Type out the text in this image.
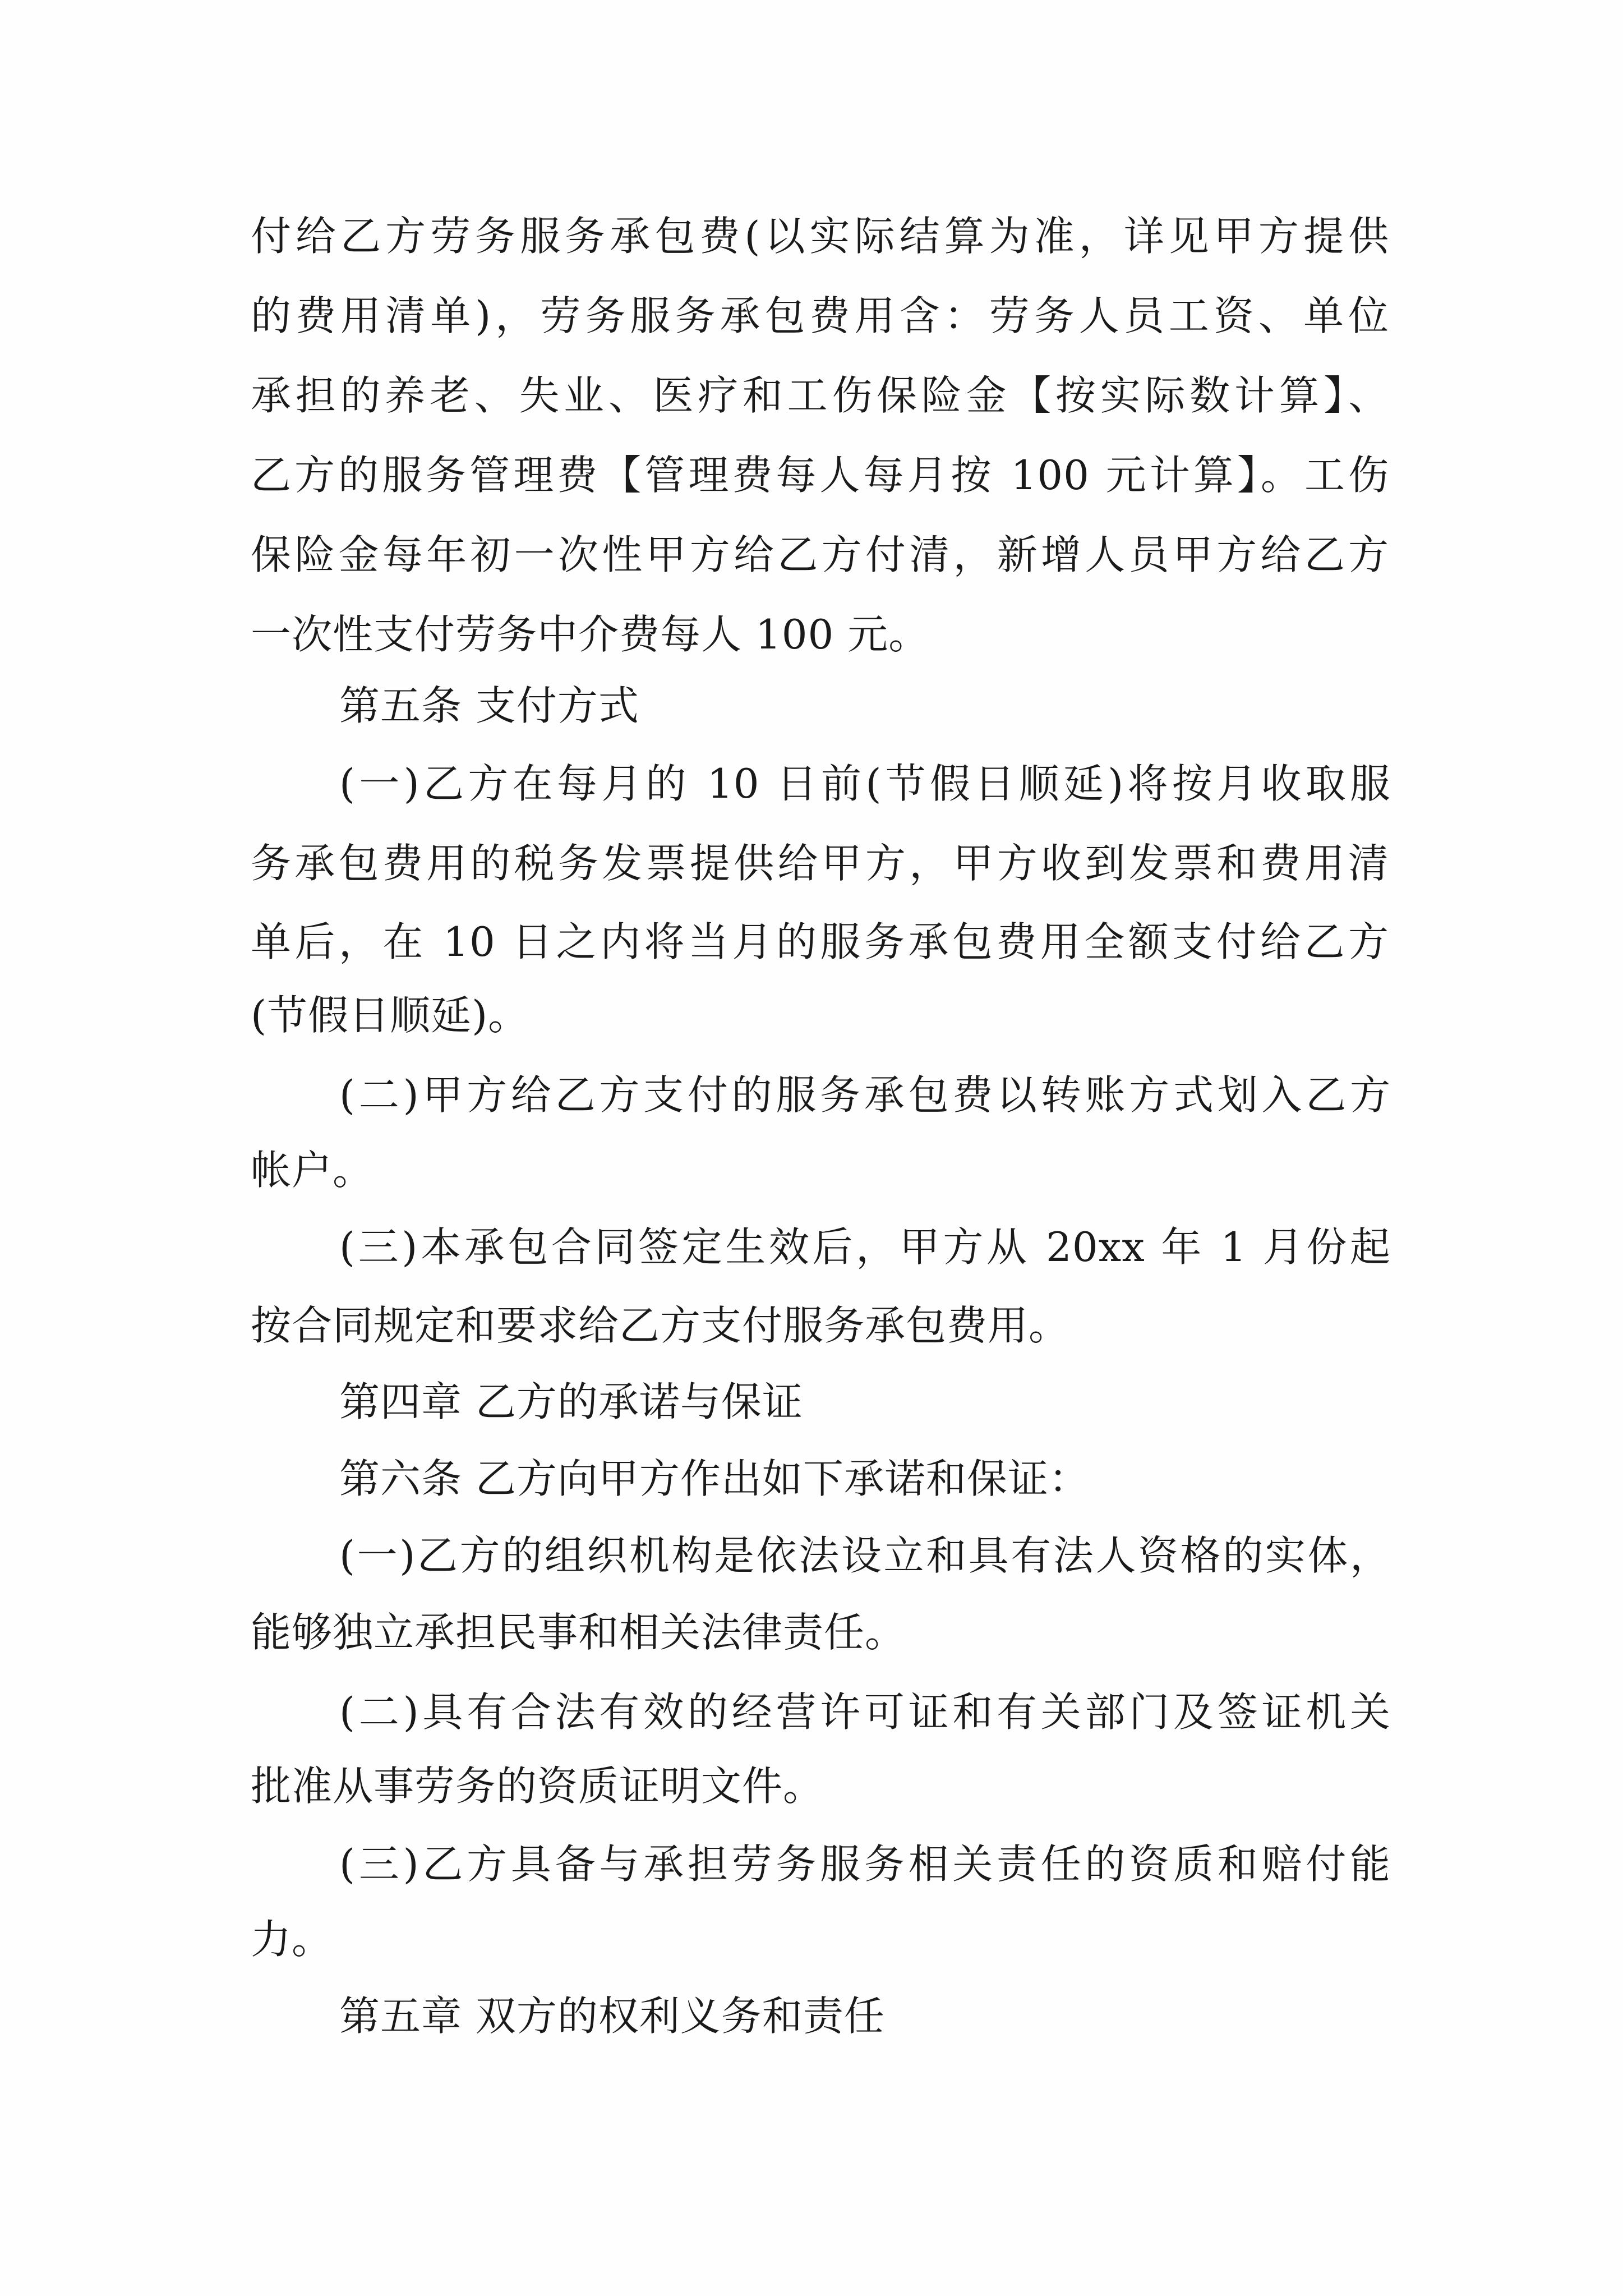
付给乙方劳务服务承包费(以实际结算为准，详见甲方提供
的费用清单)，劳务服务承包费用含：劳务人员工资、单位
承担的养老、失业、医疗和工伤保险金【按实际数计算】、
乙方的服务管理费【管理费每人每月按 100 元计算】。工伤
保险金每年初一次性甲方给乙方付清，新增人员甲方给乙方
一次性支付劳务中介费每人 100 元。
第五条 支付方式
(一)乙方在每月的 10 日前(节假日顺延)将按月收取服
务承包费用的税务发票提供给甲方，甲方收到发票和费用清
单后，在 10 日之内将当月的服务承包费用全额支付给乙方
(节假日顺延)。
(二)甲方给乙方支付的服务承包费以转账方式划入乙方
帐户。
(三)本承包合同签定生效后，甲方从 20xx 年 1 月份起
按合同规定和要求给乙方支付服务承包费用。
第四章 乙方的承诺与保证
第六条 乙方向甲方作出如下承诺和保证：
(一)乙方的组织机构是依法设立和具有法人资格的实体，
能够独立承担民事和相关法律责任。
(二)具有合法有效的经营许可证和有关部门及签证机关
批准从事劳务的资质证明文件。
(三)乙方具备与承担劳务服务相关责任的资质和赔付能
力。
第五章 双方的权利义务和责任
